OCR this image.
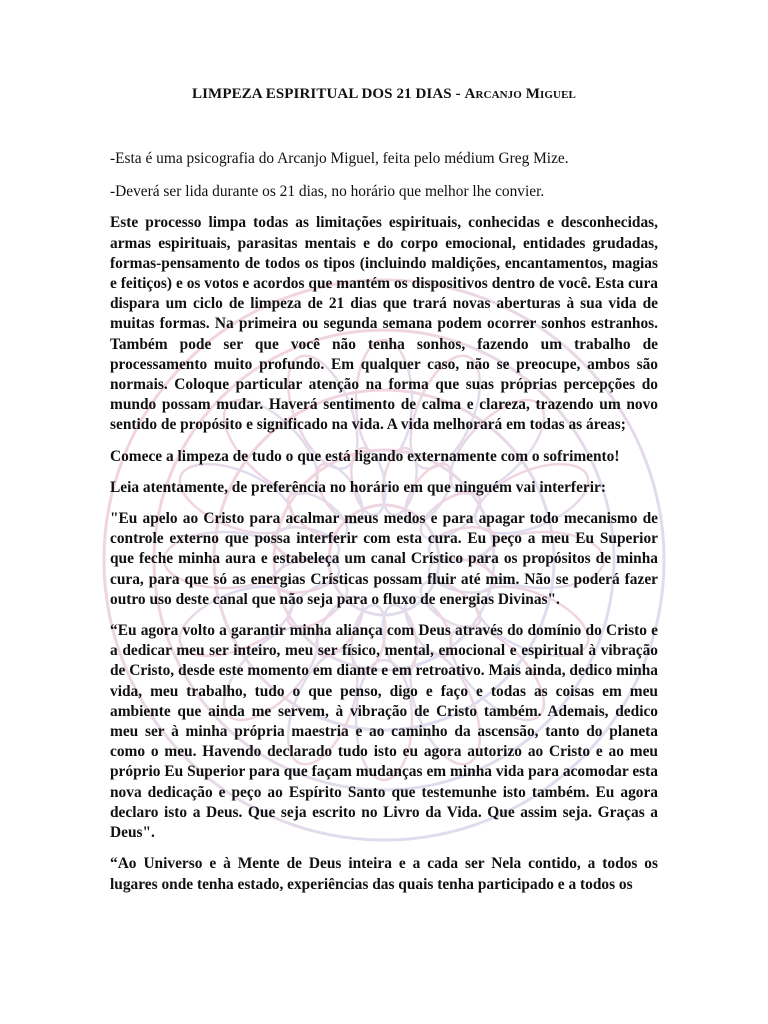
LIMPEZA ESPIRITUAL DOS 21 DIAS - Arcanjo Miguel

-Esta é uma psicografia do Arcanjo Miguel, feita pelo médium Greg Mize.

-Deverá ser lida durante os 21 dias, no horário que melhor lhe convier.

Este processo limpa todas as limitações espirituais, conhecidas e desconhecidas, armas espirituais, parasitas mentais e do corpo emocional, entidades grudadas, formas-pensamento de todos os tipos (incluindo maldições, encantamentos, magias e feitiços) e os votos e acordos que mantém os dispositivos dentro de você. Esta cura dispara um ciclo de limpeza de 21 dias que trará novas aberturas à sua vida de muitas formas. Na primeira ou segunda semana podem ocorrer sonhos estranhos. Também pode ser que você não tenha sonhos, fazendo um trabalho de processamento muito profundo. Em qualquer caso, não se preocupe, ambos são normais. Coloque particular atenção na forma que suas próprias percepções do mundo possam mudar. Haverá sentimento de calma e clareza, trazendo um novo sentido de propósito e significado na vida. A vida melhorará em todas as áreas;

Comece a limpeza de tudo o que está ligando externamente com o sofrimento!

Leia atentamente, de preferência no horário em que ninguém vai interferir:

"Eu apelo ao Cristo para acalmar meus medos e para apagar todo mecanismo de controle externo que possa interferir com esta cura. Eu peço a meu Eu Superior que feche minha aura e estabeleça um canal Crístico para os propósitos de minha cura, para que só as energias Crísticas possam fluir até mim. Não se poderá fazer outro uso deste canal que não seja para o fluxo de energias Divinas".

“Eu agora volto a garantir minha aliança com Deus através do domínio do Cristo e a dedicar meu ser inteiro, meu ser físico, mental, emocional e espiritual à vibração de Cristo, desde este momento em diante e em retroativo. Mais ainda, dedico minha vida, meu trabalho, tudo o que penso, digo e faço e todas as coisas em meu ambiente que ainda me servem, à vibração de Cristo também. Ademais, dedico meu ser à minha própria maestria e ao caminho da ascensão, tanto do planeta como o meu. Havendo declarado tudo isto eu agora autorizo ao Cristo e ao meu próprio Eu Superior para que façam mudanças em minha vida para acomodar esta nova dedicação e peço ao Espírito Santo que testemunhe isto também. Eu agora declaro isto a Deus. Que seja escrito no Livro da Vida. Que assim seja. Graças a Deus".

“Ao Universo e à Mente de Deus inteira e a cada ser Nela contido, a todos os lugares onde tenha estado, experiências das quais tenha participado e a todos os
